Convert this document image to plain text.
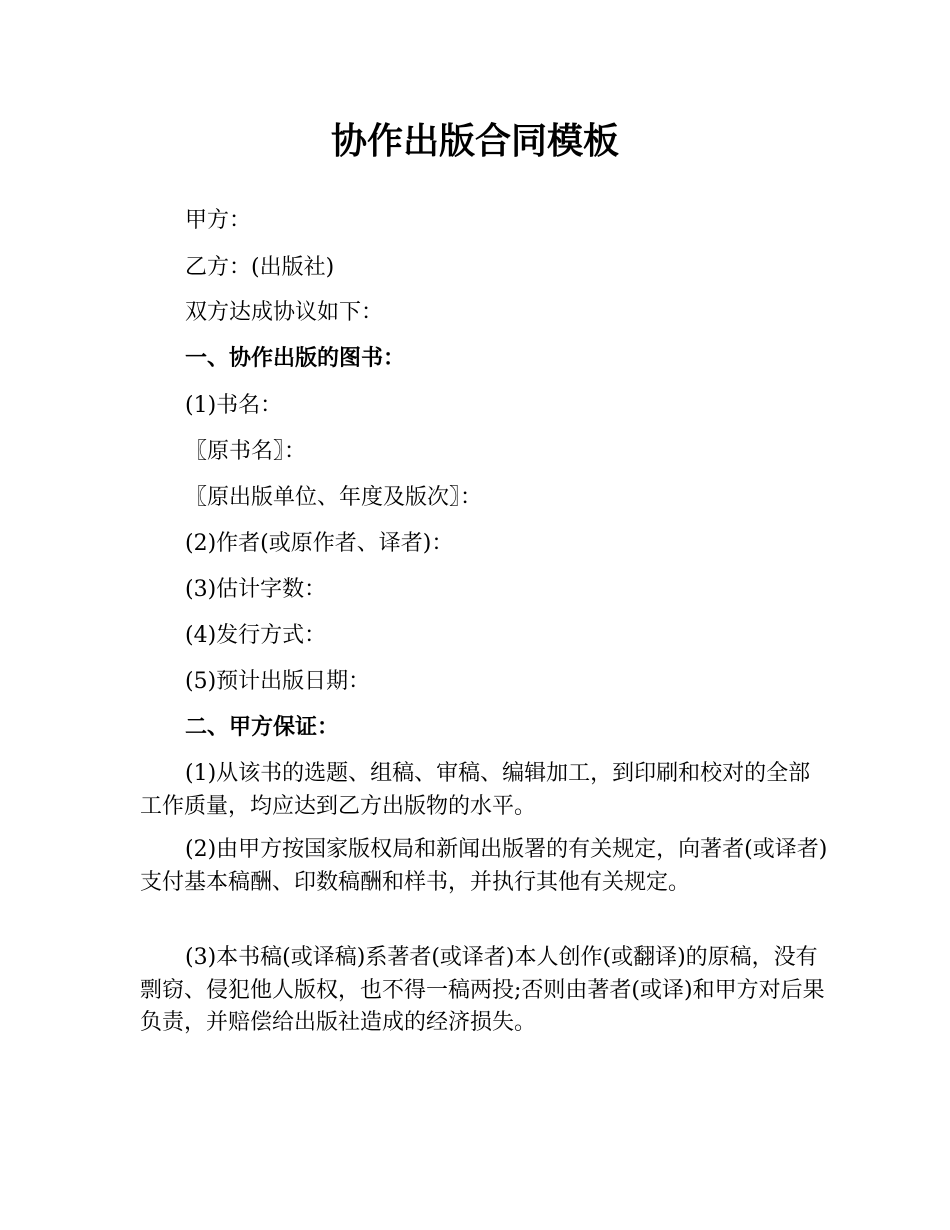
协作出版合同模板

甲方：

乙方：(出版社)

双方达成协议如下：

一、协作出版的图书：

(1)书名：

〖原书名〗：

〖原出版单位、年度及版次〗：

(2)作者(或原作者、译者)：

(3)估计字数：

(4)发行方式：

(5)预计出版日期：

二、甲方保证：

(1)从该书的选题、组稿、审稿、编辑加工，到印刷和校对的全部工作质量，均应达到乙方出版物的水平。

(2)由甲方按国家版权局和新闻出版署的有关规定，向著者(或译者)支付基本稿酬、印数稿酬和样书，并执行其他有关规定。

(3)本书稿(或译稿)系著者(或译者)本人创作(或翻译)的原稿，没有剽窃、侵犯他人版权，也不得一稿两投;否则由著者(或译)和甲方对后果负责，并赔偿给出版社造成的经济损失。
